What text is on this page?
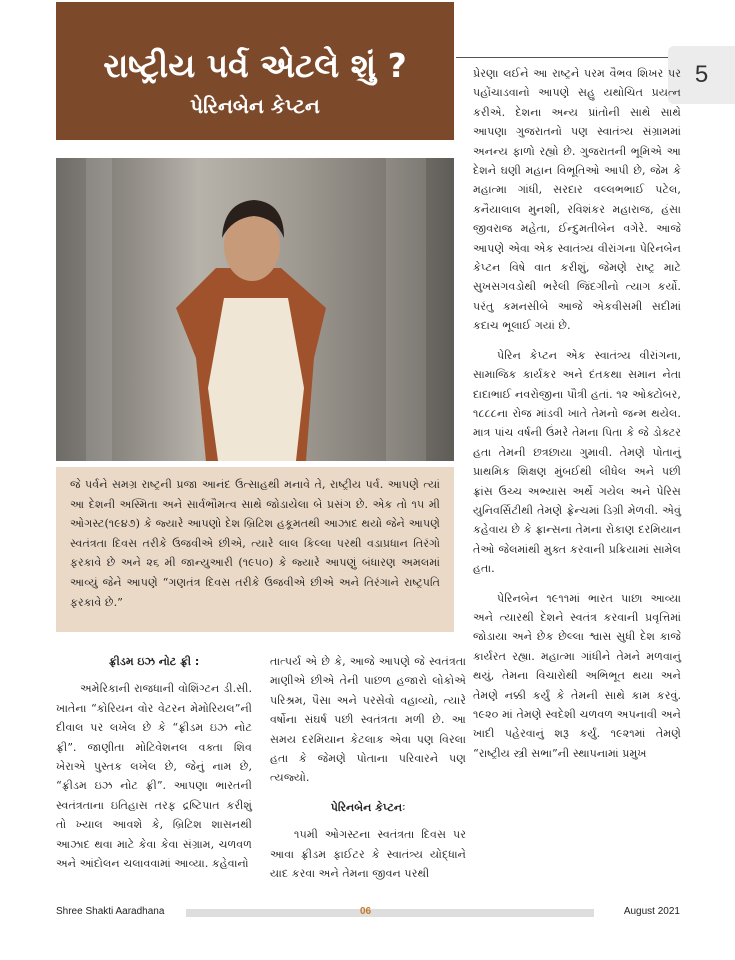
રાષ્ટ્રીય પર્વ એટલે શું ?
પેરિનબેન કેપ્ટન
5
જે પર્વને સમગ્ર રાષ્ટ્રની પ્રજા આનંદ ઉત્સાહથી મનાવે તે, રાષ્ટ્રીય પર્વ. આપણે ત્યાં આ દેશની અસ્મિતા અને સાર્વભૌમત્વ સાથે જોડાયેલા બે પ્રસંગ છે. એક તો ૧૫ મી ઓગસ્ટ(૧૯૪૭) કે જ્યારે આપણો દેશ બ્રિટિશ હકૂમતથી આઝાદ થયો જેને આપણે સ્વતંત્રતા દિવસ તરીકે ઉજવીએ છીએ, ત્યારે લાલ કિલ્લા પરથી વડાપ્રધાન તિરંગો ફરકાવે છે અને ૨૬ મી જાન્યુઆરી (૧૯૫૦) કે જ્યારે આપણું બંધારણ અમલમાં આવ્યું જેને આપણે “ગણતંત્ર દિવસ તરીકે ઉજવીએ છીએ અને તિરંગાને રાષ્ટ્રપતિ ફરકાવે છે.”
ફ્રીડમ ઇઝ નોટ ફ્રી :

અમેરિકાની રાજધાની વોશિંગ્ટન ડી.સી. ખાતેના “કોરિયન વોર વેટરન મેમોરિયલ”ની દીવાલ પર લખેલ છે કે “ફ્રીડમ ઇઝ નોટ ફ્રી”. જાણીતા મોટિવેશનલ વક્તા શિવ ખેરાએ પુસ્તક લખેલ છે, જેનું નામ છે, “ફ્રીડમ ઇઝ નોટ ફ્રી”. આપણા ભારતની સ્વતંત્રતાના ઇતિહાસ તરફ દ્રષ્ટિપાત કરીશું તો ખ્યાલ આવશે કે, બ્રિટિશ શાસનથી આઝાદ થવા માટે કેવા કેવા સંગ્રામ, ચળવળ અને આંદોલન ચલાવવામાં આવ્યા. કહેવાનો

તાત્પર્ય એ છે કે, આજે આપણે જે સ્વતંત્રતા માણીએ છીએ તેની પાછળ હજારો લોકોએ પરિશ્રમ, પૈસા અને પરસેવો વહાવ્યો, ત્યારે વર્ષોના સંઘર્ષ પછી સ્વતંત્રતા મળી છે. આ સમય દરમિયાન કેટલાક એવા પણ વિરલા હતા કે જેમણે પોતાના પરિવારને પણ ત્યજ્યો.

પેરિનબેન કેપ્ટનઃ

૧૫મી ઓગસ્ટના સ્વતંત્રતા દિવસ પર આવા ફ્રીડમ ફાઈટર કે સ્વાતંત્ર્ય યોદ્ધાને યાદ કરવા અને તેમના જીવન પરથી

પ્રેરણા લઈને આ રાષ્ટ્રને પરમ વૈભવ શિખર પર પહોંચાડવાનો આપણે સહુ યથોચિત પ્રયત્ન કરીએ. દેશના અન્ય પ્રાંતોની સાથે સાથે આપણા ગુજરાતનો પણ સ્વાતંત્ર્ય સંગ્રામમાં અનન્ય ફાળો રહ્યો છે. ગુજરાતની ભૂમિએ આ દેશને ઘણી મહાન વિભૂતિઓ આપી છે, જેમ કે મહાત્મા ગાંધી, સરદાર વલ્લભભાઈ પટેલ, કનૈયાલાલ મુનશી, રવિશંકર મહારાજ, હંસા જીવરાજ મહેતા, ઈન્દુમતીબેન વગેરે. આજે આપણે એવા એક સ્વાતંત્ર્ય વીરાંગના પેરિનબેન કેપ્ટન વિષે વાત કરીશું, જેમણે રાષ્ટ્ર માટે સુખસગવડોથી ભરેલી જિંદગીનો ત્યાગ કર્યો. પરંતુ કમનસીબે આજે એકવીસમી સદીમાં કદાચ ભૂલાઈ ગયાં છે.

પેરિન કેપ્ટન એક સ્વાતંત્ર્ય વીરાંગના, સામાજિક કાર્યકર અને દંતકથા સમાન નેતા દાદાભાઈ નવરોજીના પૌત્રી હતાં. ૧૨ ઓક્ટોબર, ૧૮૮૮ના રોજ માંડવી ખાતે તેમનો જન્મ થયેલ. માત્ર પાંચ વર્ષની ઉંમરે તેમના પિતા કે જે ડોક્ટર હતા તેમની છત્રછાયા ગુમાવી. તેમણે પોતાનું પ્રાથમિક શિક્ષણ મુંબઈથી લીધેલ અને પછી ફ્રાંસ ઉચ્ચ અભ્યાસ અર્થે ગયેલ અને પેરિસ યુનિવર્સિટીથી તેમણે ફ્રેન્ચમાં ડિગ્રી મેળવી. એવું કહેવાય છે કે ફ્રાન્સના તેમના રોકાણ દરમિયાન તેઓ જેલમાંથી મુક્ત કરવાની પ્રક્રિયામાં સામેલ હતા.

પેરિનબેન ૧૯૧૧માં ભારત પાછા આવ્યા અને ત્યારથી દેશને સ્વતંત્ર કરવાની પ્રવૃત્તિમાં જોડાયા અને છેક છેલ્લા શ્વાસ સુધી દેશ કાજે કાર્યરત રહ્યા. મહાત્મા ગાંધીને તેમને મળવાનું થયું, તેમના વિચારોથી અભિભૂત થયા અને તેમણે નક્કી કર્યું કે તેમની સાથે કામ કરવું. ૧૯૨૦ માં તેમણે સ્વદેશી ચળવળ અપનાવી અને ખાદી પહેરવાનું શરૂ કર્યું. ૧૯૨૧માં તેમણે “રાષ્ટ્રીય સ્ત્રી સભા”ની સ્થાપનામાં પ્રમુખ

Shree Shakti Aaradhana	06	August 2021
